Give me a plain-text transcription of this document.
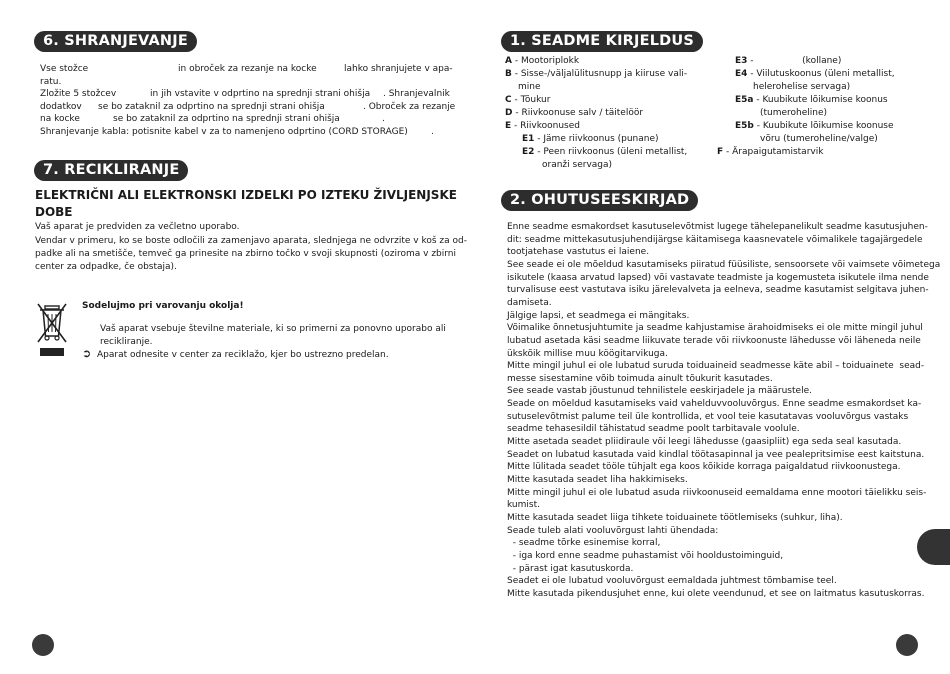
6. SHRANJEVANJE
Vse stožce	in obroček za rezanje na kocke	lahko shranjujete v apa-
ratu.
Zložite 5 stožcev	in jih vstavite v odprtino na sprednji strani ohišja . Shranjevalnik
dodatkov se bo zataknil za odprtino na sprednji strani ohišja	. Obroček za rezanje
na kocke	se bo zataknil za odprtino na sprednji strani ohišja	.
Shranjevanje kabla: potisnite kabel v za to namenjeno odprtino (CORD STORAGE)	.
7. RECIKLIRANJE
ELEKTRIČNI ALI ELEKTRONSKI IZDELKI PO IZTEKU ŽIVLJENJSKE
DOBE
Vaš aparat je predviden za večletno uporabo.
Vendar v primeru, ko se boste odločili za zamenjavo aparata, slednjega ne odvrzite v koš za od-
padke ali na smetišče, temveč ga prinesite na zbirno točko v svoji skupnosti (oziroma v zbirni
center za odpadke, če obstaja).
Sodelujmo pri varovanju okolja!
Vaš aparat vsebuje številne materiale, ki so primerni za ponovno uporabo ali
recikliranje.
➲ Aparat odnesite v center za reciklažo, kjer bo ustrezno predelan.
1. SEADME KIRJELDUS
A - Mootoriplokk
B - Sisse-/väljalülitusnupp ja kiiruse vali-
mine
C - Tõukur
D - Riivkoonuse salv / täitelöör
E - Riivkoonused
E1 - Jäme riivkoonus (punane)
E2 - Peen riivkoonus (üleni metallist,
oranži servaga)
E3 -                 (kollane)
E4 - Viilutuskoonus (üleni metallist,
helerohelise servaga)
E5a - Kuubikute lõikumise koonus
(tumeroheline)
E5b - Kuubikute lõikumise koonuse
võru (tumeroheline/valge)
F - Ärapaigutamistarvik
2. OHUTUSEESKIRJAD
Enne seadme esmakordset kasutuselevõtmist lugege tähelepanelikult seadme kasutusjuhen-
dit: seadme mittekasutusjuhendijärgse käitamisega kaasnevatele võimalikele tagajärgedele
tootjatehase vastutus ei laiene.
See seade ei ole mõeldud kasutamiseks piiratud füüsiliste, sensoorsete või vaimsete võimetega
isikutele (kaasa arvatud lapsed) või vastavate teadmiste ja kogemusteta isikutele ilma nende
turvalisuse eest vastutava isiku järelevalveta ja eelneva, seadme kasutamist selgitava juhen-
damiseta.
Jälgige lapsi, et seadmega ei mängitaks.
Võimalike õnnetusjuhtumite ja seadme kahjustamise ärahoidmiseks ei ole mitte mingil juhul
lubatud asetada käsi seadme liikuvate terade või riivkoonuste lähedusse või läheneda neile
ükskõik millise muu köögitarvikuga.
Mitte mingil juhul ei ole lubatud suruda toiduaineid seadmesse käte abil – toiduainete  sead-
messe sisestamine võib toimuda ainult tõukurit kasutades.
See seade vastab jõustunud tehnilistele eeskirjadele ja määrustele.
Seade on mõeldud kasutamiseks vaid vahelduvvooluvõrgus. Enne seadme esmakordset ka-
sutuselevõtmist palume teil üle kontrollida, et vool teie kasutatavas vooluvõrgus vastaks
seadme tehasesildil tähistatud seadme poolt tarbitavale voolule.
Mitte asetada seadet pliidiraule või leegi lähedusse (gaasipliit) ega seda seal kasutada.
Seadet on lubatud kasutada vaid kindlal töötasapinnal ja vee pealepritsimise eest kaitstuna.
Mitte lülitada seadet tööle tühjalt ega koos kõikide korraga paigaldatud riivkoonustega.
Mitte kasutada seadet liha hakkimiseks.
Mitte mingil juhul ei ole lubatud asuda riivkoonuseid eemaldama enne mootori täielikku seis-
kumist.
Mitte kasutada seadet liiga tihkete toiduainete töötlemiseks (suhkur, liha).
Seade tuleb alati vooluvõrgust lahti ühendada:
- seadme tõrke esinemise korral,
- iga kord enne seadme puhastamist või hooldustoiminguid,
- pärast igat kasutuskorda.
Seadet ei ole lubatud vooluvõrgust eemaldada juhtmest tõmbamise teel.
Mitte kasutada pikendusjuhet enne, kui olete veendunud, et see on laitmatus kasutuskorras.
